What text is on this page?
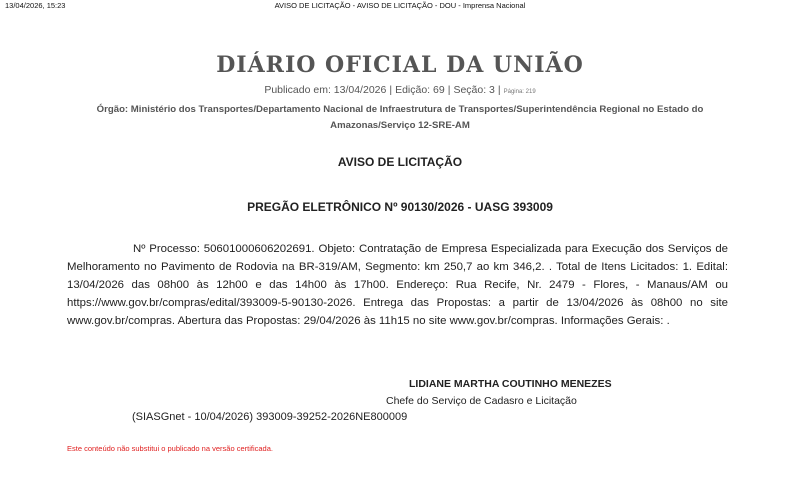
13/04/2026, 15:23	AVISO DE LICITAÇÃO - AVISO DE LICITAÇÃO - DOU - Imprensa Nacional
DIÁRIO OFICIAL DA UNIÃO
Publicado em: 13/04/2026 | Edição: 69 | Seção: 3 | Página: 219
Órgão: Ministério dos Transportes/Departamento Nacional de Infraestrutura de Transportes/Superintendência Regional no Estado do Amazonas/Serviço 12-SRE-AM
AVISO DE LICITAÇÃO
PREGÃO ELETRÔNICO Nº 90130/2026 - UASG 393009

Nº Processo: 50601000606202691. Objeto: Contratação de Empresa Especializada para Execução dos Serviços de Melhoramento no Pavimento de Rodovia na BR-319/AM, Segmento: km 250,7 ao km 346,2. . Total de Itens Licitados: 1. Edital: 13/04/2026 das 08h00 às 12h00 e das 14h00 às 17h00. Endereço: Rua Recife, Nr. 2479 - Flores, - Manaus/AM ou https://www.gov.br/compras/edital/393009-5-90130-2026. Entrega das Propostas: a partir de 13/04/2026 às 08h00 no site www.gov.br/compras. Abertura das Propostas: 29/04/2026 às 11h15 no site www.gov.br/compras. Informações Gerais: .

LIDIANE MARTHA COUTINHO MENEZES
Chefe do Serviço de Cadasro e Licitação
(SIASGnet - 10/04/2026) 393009-39252-2026NE800009
Este conteúdo não substitui o publicado na versão certificada.
